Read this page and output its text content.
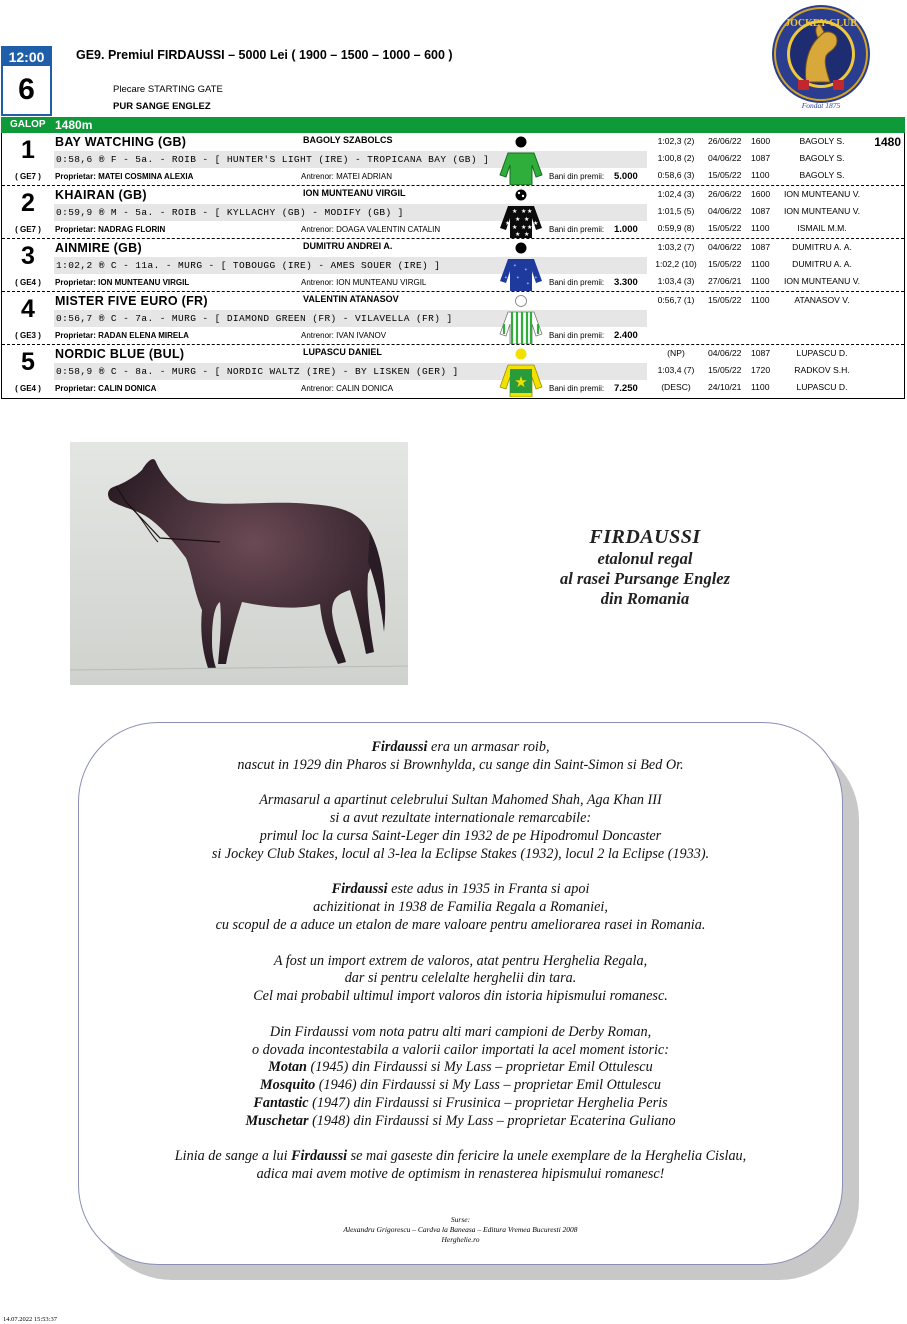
12:00
6
GE9. Premiul FIRDAUSSI – 5000 Lei ( 1900 – 1500 – 1000 – 600 )
Plecare STARTING GATE
PUR SANGE ENGLEZ
JOCKEY-CLUB
Fondat 1875
GALOP 1480m
1480
1
( GE7 )
BAY WATCHING (GB)	BAGOLY SZABOLCS
0:58,6 ® F - 5a. - ROIB - [ HUNTER'S LIGHT (IRE) - TROPICANA BAY (GB) ]
Proprietar: MATEI COSMINA ALEXIA	Antrenor: MATEI ADRIAN	Bani din premii: 5.000
1:02,3 (2)	26/06/22 1600	BAGOLY S.
1:00,8 (2)	04/06/22 1087	BAGOLY S.
0:58,6 (3)	15/05/22 1100	BAGOLY S.
2
( GE7 )
KHAIRAN (GB)	ION MUNTEANU VIRGIL
0:59,9 ® M - 5a. - ROIB - [ KYLLACHY (GB) - MODIFY (GB) ]
Proprietar: NADRAG FLORIN	Antrenor: DOAGA VALENTIN CATALIN	Bani din premii: 1.000
★ ★ ★
★ ★
★	★
★ ★ ★
★ ★
1:02,4 (3)	26/06/22 1600	ION MUNTEANU V.
1:01,5 (5)	04/06/22 1087	ION MUNTEANU V.
0:59,9 (8)	15/05/22 1100	ISMAIL M.M.
3
( GE4 )
AINMIRE (GB)	DUMITRU ANDREI A.
1:02,2 ® C - 11a. - MURG - [ TOBOUGG (IRE) - AMES SOUER (IRE) ]
Proprietar: ION MUNTEANU VIRGIL	Antrenor: ION MUNTEANU VIRGIL	Bani din premii: 3.300
✦
✦
✦
✦
✦	✦
1:03,2 (7)	04/06/22 1087	DUMITRU A. A.
1:02,2 (10)	15/05/22 1100	DUMITRU A. A.
1:03,4 (3)	27/06/21 1100	ION MUNTEANU V.
4
( GE3 )
MISTER FIVE EURO (FR)	VALENTIN ATANASOV
0:56,7 ® C - 7a. - MURG - [ DIAMOND GREEN (FR) - VILAVELLA (FR) ]
Proprietar: RADAN ELENA MIRELA	Antrenor: IVAN IVANOV	Bani din premii: 2.400
0:56,7 (1)	15/05/22 1100	ATANASOV V.
5
( GE4 )
NORDIC BLUE (BUL)	LUPASCU DANIEL
0:58,9 ® C - 8a. - MURG - [ NORDIC WALTZ (IRE) - BY LISKEN (GER) ]
Proprietar: CALIN DONICA	Antrenor: CALIN DONICA	Bani din premii: 7.250
★
(NP)	04/06/22 1087	LUPASCU D.
1:03,4 (7)	15/05/22 1720	RADKOV S.H.
(DESC)	24/10/21 1100	LUPASCU D.
FIRDAUSSI
etalonul regal
al rasei Pursange Englez
din Romania

Firdaussi era un armasar roib,
nascut in 1929 din Pharos si Brownhylda, cu sange din Saint-Simon si Bed Or.

Armasarul a apartinut celebrului Sultan Mahomed Shah, Aga Khan III
si a avut rezultate internationale remarcabile:
primul loc la cursa Saint-Leger din 1932 de pe Hipodromul Doncaster
si Jockey Club Stakes, locul al 3-lea la Eclipse Stakes (1932), locul 2 la Eclipse (1933).

Firdaussi este adus in 1935 in Franta si apoi
achizitionat in 1938 de Familia Regala a Romaniei,
cu scopul de a aduce un etalon de mare valoare pentru ameliorarea rasei in Romania.

A fost un import extrem de valoros, atat pentru Herghelia Regala,
dar si pentru celelalte herghelii din tara.
Cel mai probabil ultimul import valoros din istoria hipismului romanesc.

Din Firdaussi vom nota patru alti mari campioni de Derby Roman,
o dovada incontestabila a valorii cailor importati la acel moment istoric:
Motan (1945) din Firdaussi si My Lass – proprietar Emil Ottulescu
Mosquito (1946) din Firdaussi si My Lass – proprietar Emil Ottulescu
Fantastic (1947) din Firdaussi si Frusinica – proprietar Herghelia Peris
Muschetar (1948) din Firdaussi si My Lass – proprietar Ecaterina Guliano

Linia de sange a lui Firdaussi se mai gaseste din fericire la unele exemplare de la Herghelia Cislau,
adica mai avem motive de optimism in renasterea hipismului romanesc!

Surse:
Alexandru Grigorescu – Cardva la Baneasa – Editura Vremea Bucuresti 2008
Herghelie.ro
14.07.2022 15:53:37
